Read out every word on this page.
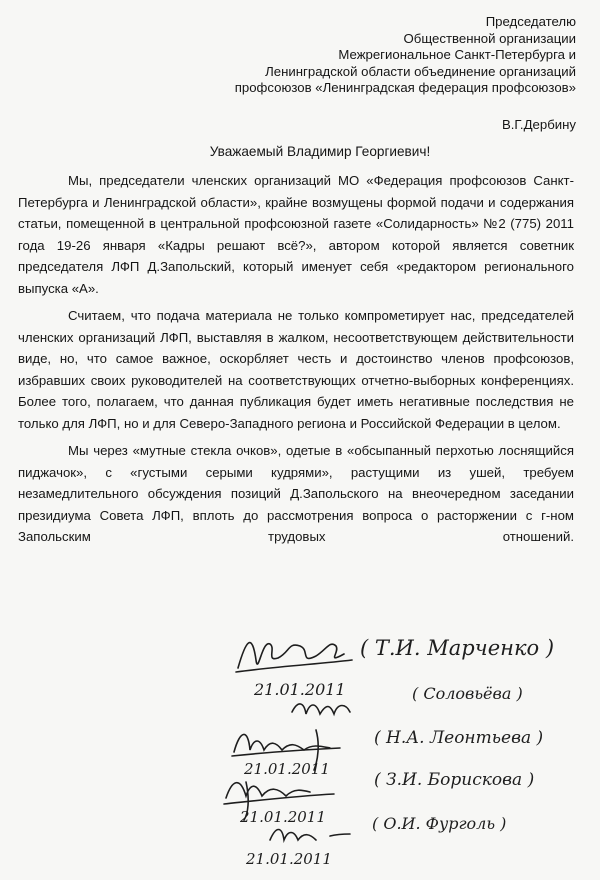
Председателю
Общественной организации
Межрегиональное Санкт-Петербурга и
Ленинградской области объединение организаций
профсоюзов «Ленинградская федерация профсоюзов»
В.Г.Дербину
Уважаемый Владимир Георгиевич!

Мы, председатели членских организаций МО «Федерация профсоюзов Санкт-Петербурга и Ленинградской области», крайне возмущены формой подачи и содержания статьи, помещенной в центральной профсоюзной газете «Солидарность» №2 (775) 2011 года 19-26 января «Кадры решают всё?», автором которой является советник председателя ЛФП Д.Запольский, который именует себя «редактором регионального выпуска «А».

Считаем, что подача материала не только компрометирует нас, председателей членских организаций ЛФП, выставляя в жалком, несоответствующем действительности виде, но, что самое важное, оскорбляет честь и достоинство членов профсоюзов, избравших своих руководителей на соответствующих отчетно-выборных конференциях. Более того, полагаем, что данная публикация будет иметь негативные последствия не только для ЛФП, но и для Северо-Западного региона и Российской Федерации в целом.

Мы через «мутные стекла очков», одетые в «обсыпанный перхотью лоснящийся пиджачок», с «густыми серыми кудрями», растущими из ушей, требуем незамедлительного обсуждения позиций Д.Запольского на внеочередном заседании президиума Совета ЛФП, вплоть до рассмотрения вопроса о расторжении с г-ном Запольским трудовых отношений.

( Т.И. Марченко )
21.01.2011	( Соловьёва )
( Н.А. Леонтьева )
21.01.2011
( З.И. Борискова )
21.01.2011	( О.И. Фурголь )
21.01.2011
